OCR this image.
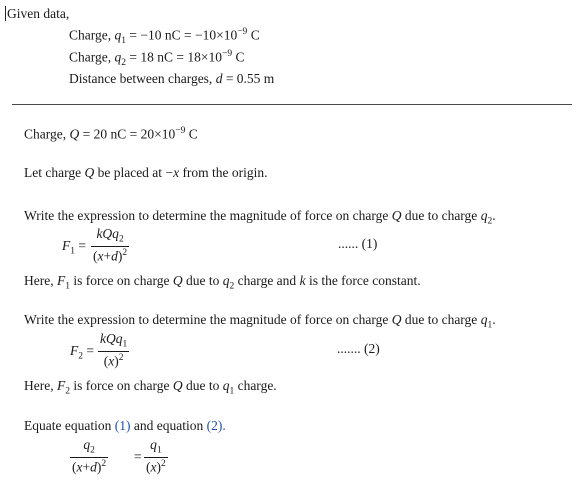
Given data,
Charge, $q_1 = -10$ nC = $-10\times 10^{-9}$ C
Charge, $q_2 = 18$ nC = $18\times 10^{-9}$ C
Distance between charges, d = 0.55 m
Charge, Q = 20 nC = $20\times 10^{-9}$ C
Let charge Q be placed at −x from the origin.
Write the expression to determine the magnitude of force on charge Q due to charge $q_2$.
$F_1$ =
kQq$_2$
$(x+d)^2$
...... (1)
Here, $F_1$ is force on charge Q due to $q_2$ charge and k is the force constant.
Write the expression to determine the magnitude of force on charge Q due to charge $q_1$.
$F_2$ =
kQq$_1$
$(x)^2$
....... (2)
Here, $F_2$ is force on charge Q due to $q_1$ charge.
Equate equation (1) and equation (2).
$q_2$
$(x+d)^2$ =
$q_1$
$(x)^2$
